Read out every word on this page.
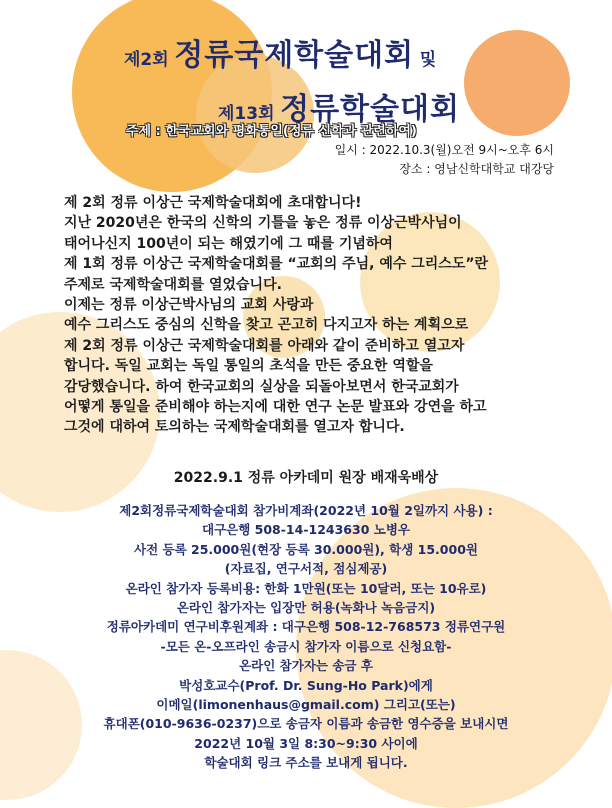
제2회 정류국제학술대회 및
제13회 정류학술대회
주제 : 한국교회와 평화통일(정류 신학과 관련하여)
일시 : 2022.10.3(월)오전 9시~오후 6시
장소 : 영남신학대학교 대강당
제 2회 정류 이상근 국제학술대회에 초대합니다!
지난 2020년은 한국의 신학의 기틀을 놓은 정류 이상근박사님이
태어나신지 100년이 되는 해였기에 그 때를 기념하여
제 1회 정류 이상근 국제학술대회를 “교회의 주님, 예수 그리스도”란
주제로 국제학술대회를 열었습니다.
이제는 정류 이상근박사님의 교회 사랑과
예수 그리스도 중심의 신학을 찾고 곤고히 다지고자 하는 계획으로
제 2회 정류 이상근 국제학술대회를 아래와 같이 준비하고 열고자
합니다. 독일 교회는 독일 통일의 초석을 만든 중요한 역할을
감당했습니다. 하여 한국교회의 실상을 되돌아보면서 한국교회가
어떻게 통일을 준비해야 하는지에 대한 연구 논문 발표와 강연을 하고
그것에 대하여 토의하는 국제학술대회를 열고자 합니다.
2022.9.1 정류 아카데미 원장 배재욱배상
제2회정류국제학술대회 참가비계좌(2022년 10월 2일까지 사용) :
대구은행 508-14-1243630 노병우
사전 등록 25.000원(현장 등록 30.000원), 학생 15.000원
(자료집, 연구서적, 점심제공)
온라인 참가자 등록비용: 한화 1만원(또는 10달러, 또는 10유로)
온라인 참가자는 입장만 허용(녹화나 녹음금지)
정류아카데미 연구비후원계좌 : 대구은행 508-12-768573 정류연구원
-모든 온-오프라인 송금시 참가자 이름으로 신청요함-
온라인 참가자는 송금 후
박성호교수(Prof. Dr. Sung-Ho Park)에게
이메일(limonenhaus@gmail.com) 그리고(또는)
휴대폰(010-9636-0237)으로 송금자 이름과 송금한 영수증을 보내시면
2022년 10월 3일 8:30~9:30 사이에
학술대회 링크 주소를 보내게 됩니다.
